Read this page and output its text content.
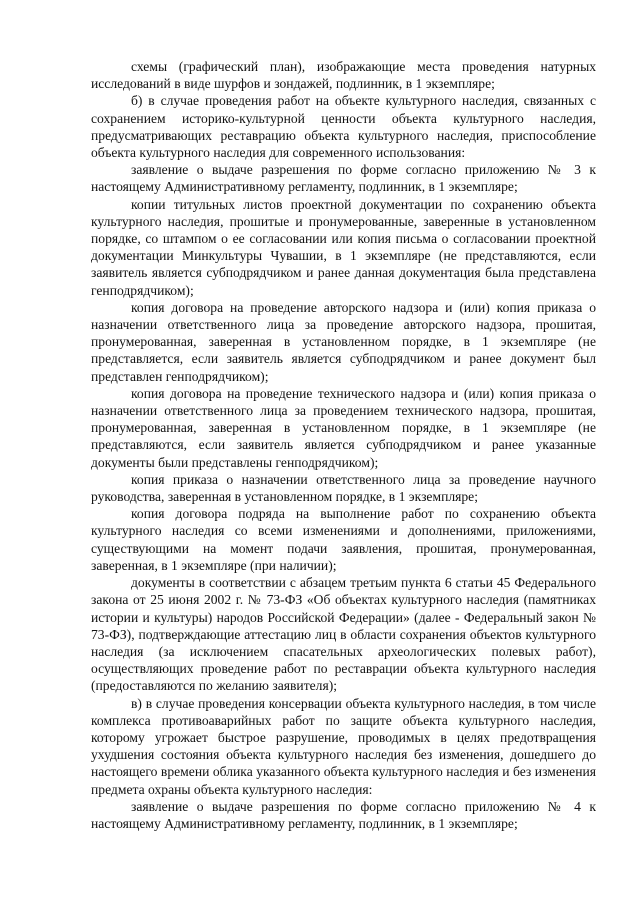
схемы (графический план), изображающие места проведения натурных исследований в виде шурфов и зондажей, подлинник, в 1 экземпляре;

б) в случае проведения работ на объекте культурного наследия, связанных с сохранением историко-культурной ценности объекта культурного наследия, предусматривающих реставрацию объекта культурного наследия, приспособление объекта культурного наследия для современного использования:

заявление о выдаче разрешения по форме согласно приложению № 3 к настоящему Административному регламенту, подлинник, в 1 экземпляре;

копии титульных листов проектной документации по сохранению объекта культурного наследия, прошитые и пронумерованные, заверенные в установленном порядке, со штампом о ее согласовании или копия письма о согласовании проектной документации Минкультуры Чувашии, в 1 экземпляре (не представляются, если заявитель является субподрядчиком и ранее данная документация была представлена генподрядчиком);

копия договора на проведение авторского надзора и (или) копия приказа о назначении ответственного лица за проведение авторского надзора, прошитая, пронумерованная, заверенная в установленном порядке, в 1 экземпляре (не представляется, если заявитель является субподрядчиком и ранее документ был представлен генподрядчиком);

копия договора на проведение технического надзора и (или) копия приказа о назначении ответственного лица за проведением технического надзора, прошитая, пронумерованная, заверенная в установленном порядке, в 1 экземпляре (не представляются, если заявитель является субподрядчиком и ранее указанные документы были представлены генподрядчиком);

копия приказа о назначении ответственного лица за проведение научного руководства, заверенная в установленном порядке, в 1 экземпляре;

копия договора подряда на выполнение работ по сохранению объекта культурного наследия со всеми изменениями и дополнениями, приложениями, существующими на момент подачи заявления, прошитая, пронумерованная, заверенная, в 1 экземпляре (при наличии);

документы в соответствии с абзацем третьим пункта 6 статьи 45 Федерального закона от 25 июня 2002 г. № 73-ФЗ «Об объектах культурного наследия (памятниках истории и культуры) народов Российской Федерации» (далее - Федеральный закон № 73-ФЗ), подтверждающие аттестацию лиц в области сохранения объектов культурного наследия (за исключением спасательных археологических полевых работ), осуществляющих проведение работ по реставрации объекта культурного наследия (предоставляются по желанию заявителя);

в) в случае проведения консервации объекта культурного наследия, в том числе комплекса противоаварийных работ по защите объекта культурного наследия, которому угрожает быстрое разрушение, проводимых в целях предотвращения ухудшения состояния объекта культурного наследия без изменения, дошедшего до настоящего времени облика указанного объекта культурного наследия и без изменения предмета охраны объекта культурного наследия:

заявление о выдаче разрешения по форме согласно приложению № 4 к настоящему Административному регламенту, подлинник, в 1 экземпляре;
